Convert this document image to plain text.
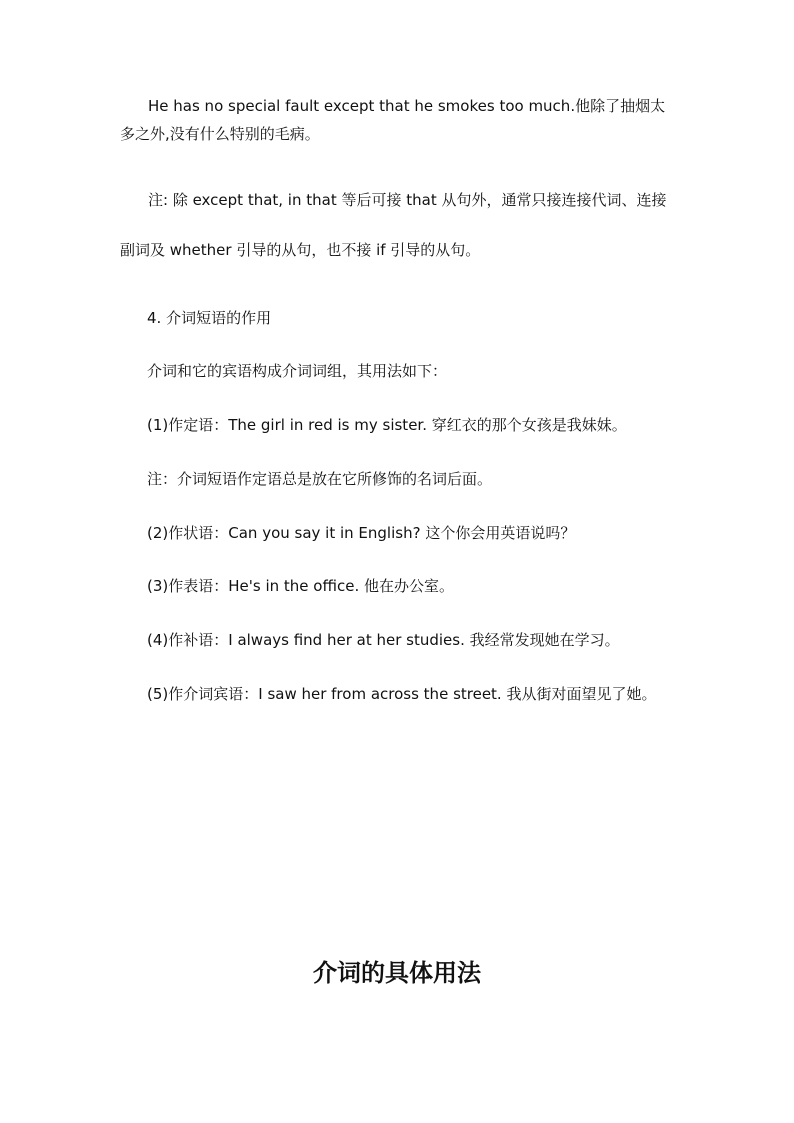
He has no special fault except that he smokes too much.他除了抽烟太多之外,没有什么特别的毛病。
注: 除 except that, in that 等后可接 that 从句外，通常只接连接代词、连接副词及 whether 引导的从句，也不接 if 引导的从句。
4. 介词短语的作用
介词和它的宾语构成介词词组，其用法如下：
(1)作定语：The girl in red is my sister. 穿红衣的那个女孩是我妹妹。
注：介词短语作定语总是放在它所修饰的名词后面。
(2)作状语：Can you say it in English? 这个你会用英语说吗？
(3)作表语：He's in the office. 他在办公室。
(4)作补语：I always find her at her studies. 我经常发现她在学习。
(5)作介词宾语：I saw her from across the street. 我从街对面望见了她。
介词的具体用法
